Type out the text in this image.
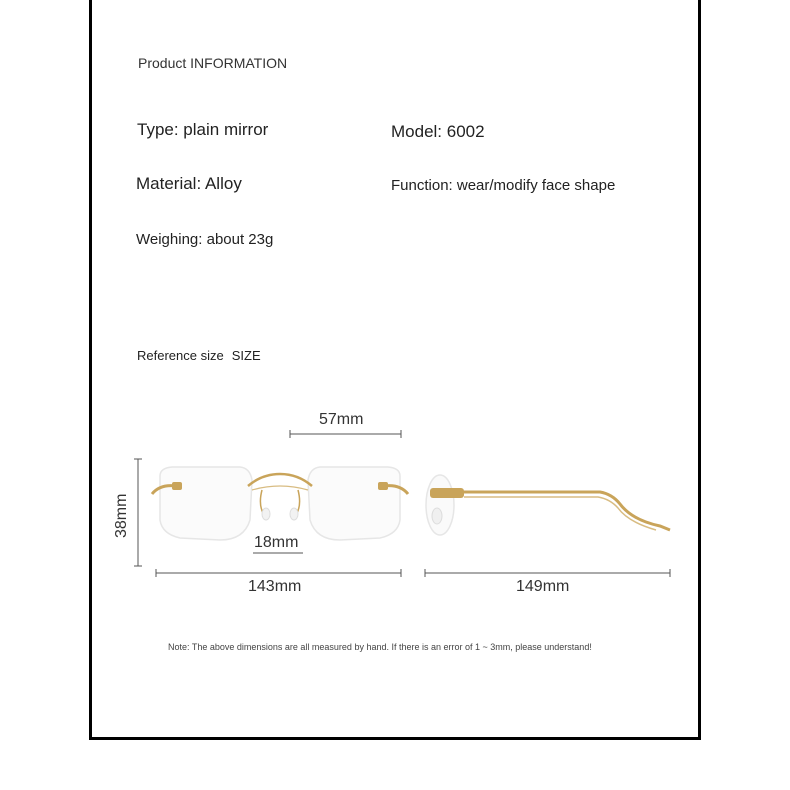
Product INFORMATION
Type: plain mirror	Model: 6002
Material: Alloy	Function: wear/modify face shape
Weighing: about 23g
Reference size SIZE
57mm
38mm
18mm
143mm	149mm
Note: The above dimensions are all measured by hand. If there is an error of 1 ~ 3mm, please understand!
